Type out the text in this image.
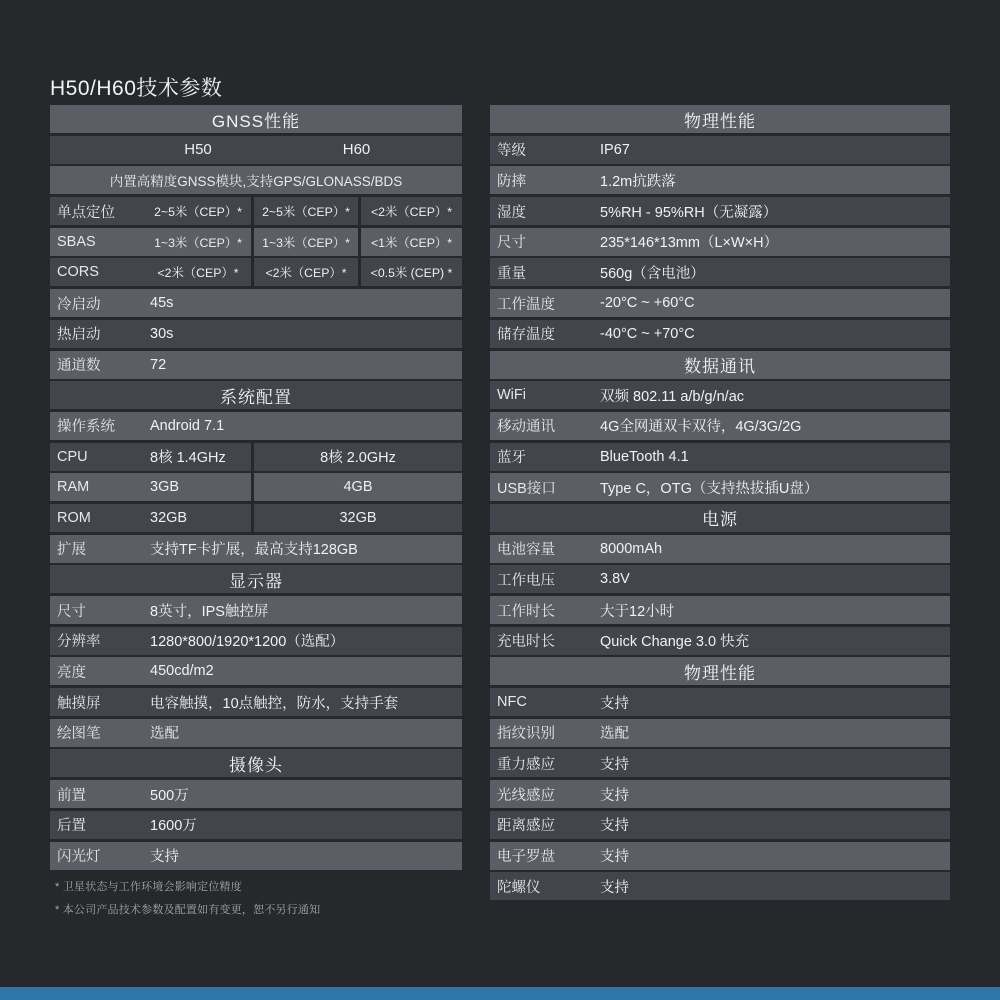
H50/H60技术参数
GNSS性能
H50	H60
内置高精度GNSS模块,支持GPS/GLONASS/BDS
单点定位	2~5米（CEP）*	2~5米（CEP）*	<2米（CEP）*
SBAS	1~3米（CEP）*	1~3米（CEP）*	<1米（CEP）*
CORS	<2米（CEP）*	<2米（CEP）*	<0.5米 (CEP) *
冷启动	45s
热启动	30s
通道数	72
系统配置
操作系统	Android 7.1
CPU	8核 1.4GHz	8核 2.0GHz
RAM	3GB	4GB
ROM	32GB	32GB
扩展	支持TF卡扩展，最高支持128GB
显示器
尺寸	8英寸，IPS触控屏
分辨率	1280*800/1920*1200（选配）
亮度	450cd/m2
触摸屏	电容触摸，10点触控，防水，支持手套
绘图笔	选配
摄像头
前置	500万
后置	1600万
闪光灯	支持
物理性能
等级	IP67
防摔	1.2m抗跌落
湿度	5%RH - 95%RH（无凝露）
尺寸	235*146*13mm（L×W×H）
重量	560g（含电池）
工作温度	-20°C ~ +60°C
储存温度	-40°C ~ +70°C
数据通讯
WiFi	双频 802.11 a/b/g/n/ac
移动通讯	4G全网通双卡双待，4G/3G/2G
蓝牙	BlueTooth 4.1
USB接口	Type C，OTG（支持热拔插U盘）
电源
电池容量	8000mAh
工作电压	3.8V
工作时长	大于12小时
充电时长	Quick Change 3.0 快充
物理性能
NFC	支持
指纹识别	选配
重力感应	支持
光线感应	支持
距离感应	支持
电子罗盘	支持
陀螺仪	支持
* 卫星状态与工作环境会影响定位精度
* 本公司产品技术参数及配置如有变更，恕不另行通知
